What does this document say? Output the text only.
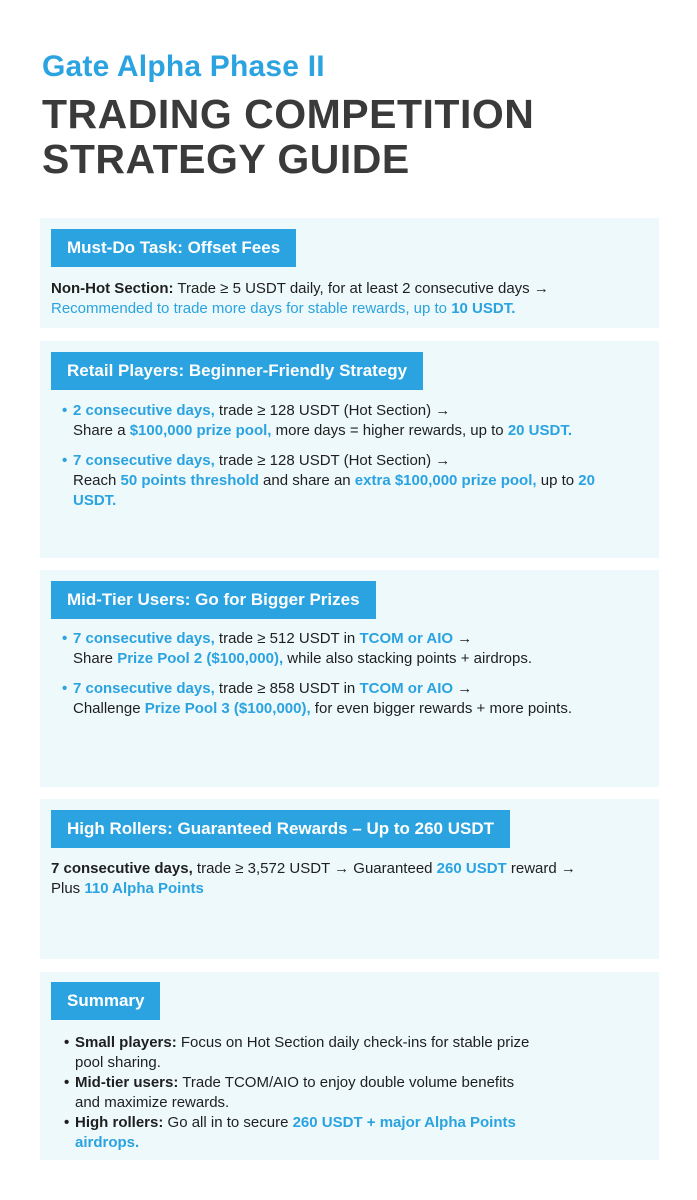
Gate Alpha Phase II
TRADING COMPETITION
STRATEGY GUIDE
Must-Do Task: Offset Fees
Non-Hot Section: Trade ≥ 5 USDT daily, for at least 2 consecutive days →
Recommended to trade more days for stable rewards, up to 10 USDT.
Retail Players: Beginner-Friendly Strategy
• 2 consecutive days, trade ≥ 128 USDT (Hot Section) →
Share a $100,000 prize pool, more days = higher rewards, up to 20 USDT.
• 7 consecutive days, trade ≥ 128 USDT (Hot Section) →
Reach 50 points threshold and share an extra $100,000 prize pool, up to 20 USDT.
Mid-Tier Users: Go for Bigger Prizes
• 7 consecutive days, trade ≥ 512 USDT in TCOM or AIO →
Share Prize Pool 2 ($100,000), while also stacking points + airdrops.
• 7 consecutive days, trade ≥ 858 USDT in TCOM or AIO →
Challenge Prize Pool 3 ($100,000), for even bigger rewards + more points.
High Rollers: Guaranteed Rewards – Up to 260 USDT
7 consecutive days, trade ≥ 3,572 USDT → Guaranteed 260 USDT reward →
Plus 110 Alpha Points
Summary
• Small players: Focus on Hot Section daily check-ins for stable prize pool sharing.
• Mid-tier users: Trade TCOM/AIO to enjoy double volume benefits and maximize rewards.
• High rollers: Go all in to secure 260 USDT + major Alpha Points airdrops.
